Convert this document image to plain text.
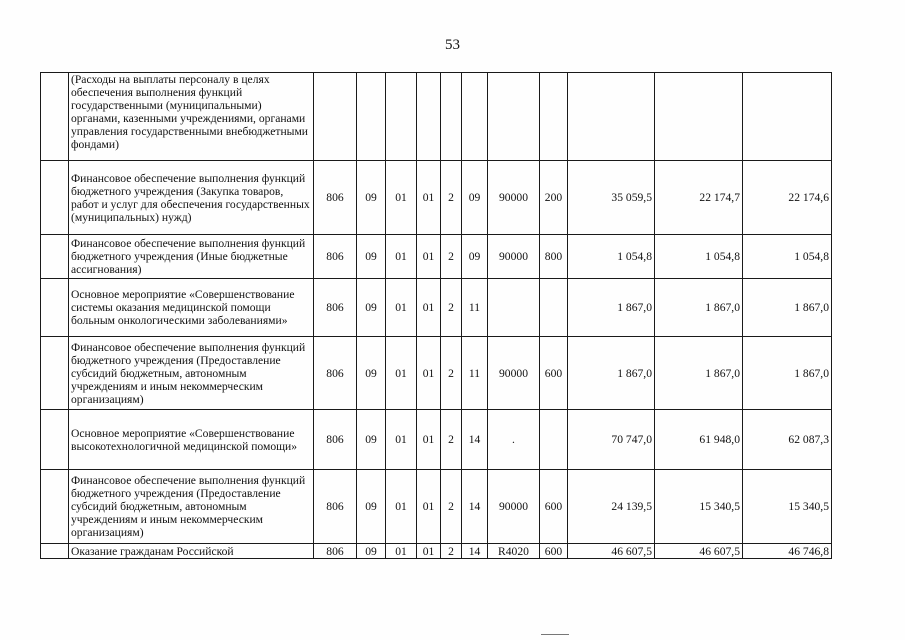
53
	(Расходы на выплаты персоналу в целях обеспечения выполнения функций государственными (муниципальными) органами, казенными учреждениями, органами управления государственными внебюджетными фондами)											
	Финансовое обеспечение выполнения функций бюджетного учреждения (Закупка товаров, работ и услуг для обеспечения государственных (муниципальных) нужд)	806	09	01	01	2	09	90000	200	35 059,5	22 174,7	22 174,6
	Финансовое обеспечение выполнения функций бюджетного учреждения (Иные бюджетные ассигнования)	806	09	01	01	2	09	90000	800	1 054,8	1 054,8	1 054,8
	Основное мероприятие «Совершенствование системы оказания медицинской помощи больным онкологическими заболеваниями»	806	09	01	01	2	11			1 867,0	1 867,0	1 867,0
	Финансовое обеспечение выполнения функций бюджетного учреждения (Предоставление субсидий бюджетным, автономным учреждениям и иным некоммерческим организациям)	806	09	01	01	2	11	90000	600	1 867,0	1 867,0	1 867,0
	Основное мероприятие «Совершенствование высокотехнологичной медицинской помощи»	806	09	01	01	2	14	.		70 747,0	61 948,0	62 087,3
	Финансовое обеспечение выполнения функций бюджетного учреждения (Предоставление субсидий бюджетным, автономным учреждениям и иным некоммерческим организациям)	806	09	01	01	2	14	90000	600	24 139,5	15 340,5	15 340,5
	Оказание гражданам Российской	806	09	01	01	2	14	R4020	600	46 607,5	46 607,5	46 746,8
